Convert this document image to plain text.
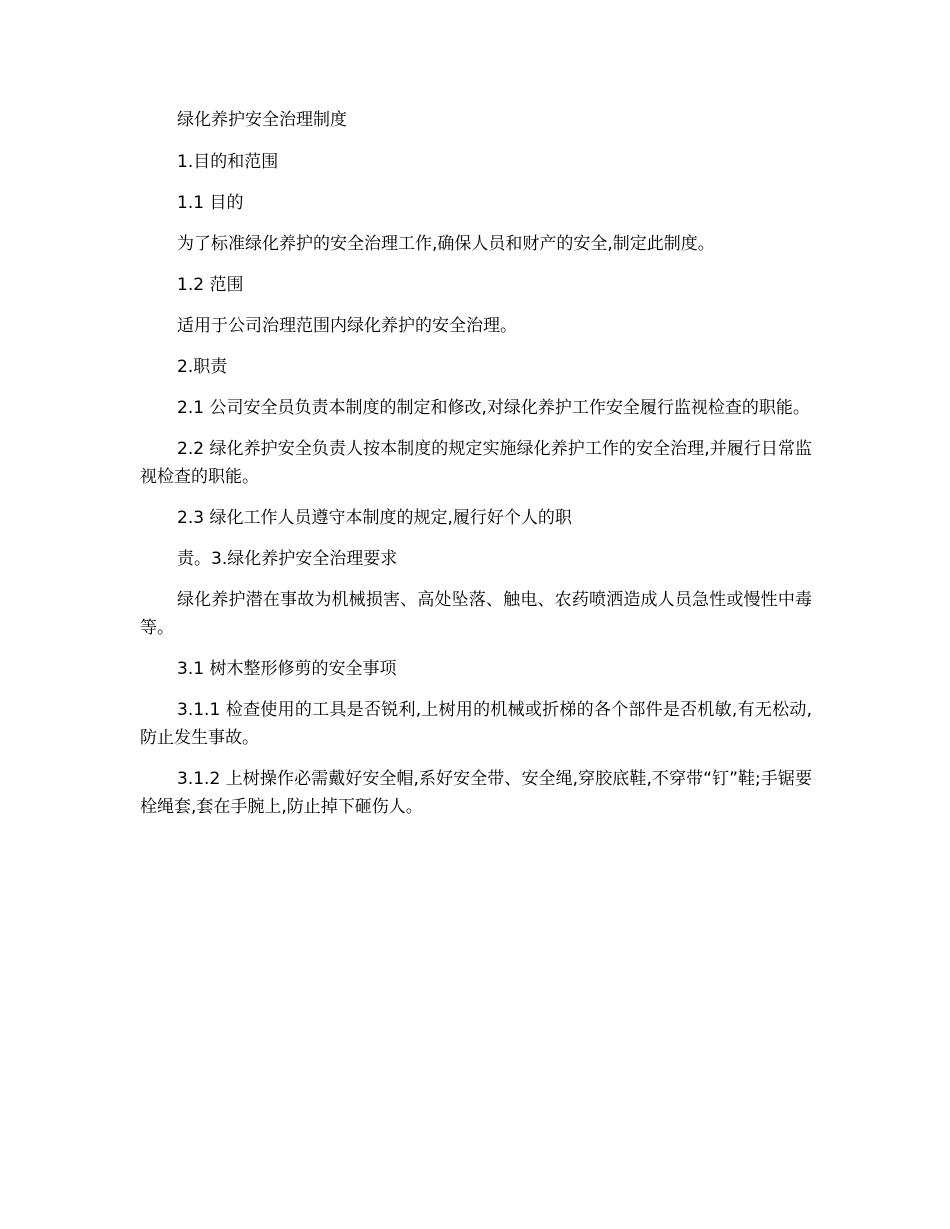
绿化养护安全治理制度

1.目的和范围

1.1 目的

为了标准绿化养护的安全治理工作,确保人员和财产的安全,制定此制度。

1.2 范围

适用于公司治理范围内绿化养护的安全治理。

2.职责

2.1 公司安全员负责本制度的制定和修改,对绿化养护工作安全履行监视检查的职能。

2.2 绿化养护安全负责人按本制度的规定实施绿化养护工作的安全治理,并履行日常监视检查的职能。

2.3 绿化工作人员遵守本制度的规定,履行好个人的职

责。3.绿化养护安全治理要求

绿化养护潜在事故为机械损害、高处坠落、触电、农药喷洒造成人员急性或慢性中毒等。

3.1 树木整形修剪的安全事项

3.1.1 检查使用的工具是否锐利,上树用的机械或折梯的各个部件是否机敏,有无松动,防止发生事故。

3.1.2 上树操作必需戴好安全帽,系好安全带、安全绳,穿胶底鞋,不穿带“钉”鞋;手锯要栓绳套,套在手腕上,防止掉下砸伤人。
